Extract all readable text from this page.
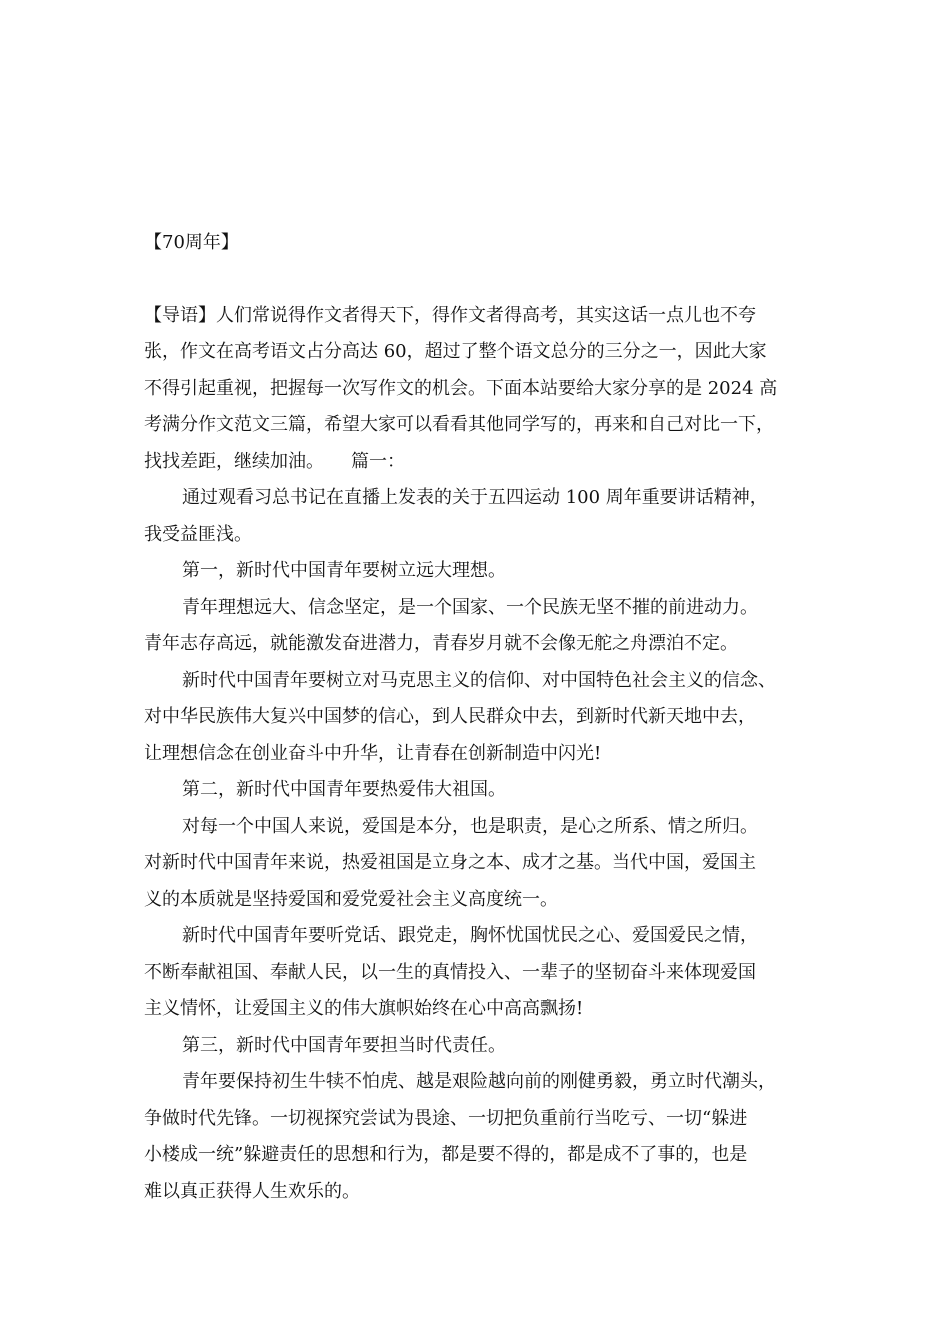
【70周年】

【导语】人们常说得作文者得天下，得作文者得高考，其实这话一点儿也不夸

张，作文在高考语文占分高达 60，超过了整个语文总分的三分之一，因此大家

不得引起重视，把握每一次写作文的机会。下面本站要给大家分享的是 2024 高

考满分作文范文三篇，希望大家可以看看其他同学写的，再来和自己对比一下，

找找差距，继续加油。　　篇一：

通过观看习总书记在直播上发表的关于五四运动 100 周年重要讲话精神，

我受益匪浅。

第一，新时代中国青年要树立远大理想。

青年理想远大、信念坚定，是一个国家、一个民族无坚不摧的前进动力。

青年志存高远，就能激发奋进潜力，青春岁月就不会像无舵之舟漂泊不定。

新时代中国青年要树立对马克思主义的信仰、对中国特色社会主义的信念、

对中华民族伟大复兴中国梦的信心，到人民群众中去，到新时代新天地中去，

让理想信念在创业奋斗中升华，让青春在创新制造中闪光!

第二，新时代中国青年要热爱伟大祖国。

对每一个中国人来说，爱国是本分，也是职责，是心之所系、情之所归。

对新时代中国青年来说，热爱祖国是立身之本、成才之基。当代中国，爱国主

义的本质就是坚持爱国和爱党爱社会主义高度统一。

新时代中国青年要听党话、跟党走，胸怀忧国忧民之心、爱国爱民之情，

不断奉献祖国、奉献人民，以一生的真情投入、一辈子的坚韧奋斗来体现爱国

主义情怀，让爱国主义的伟大旗帜始终在心中高高飘扬!

第三，新时代中国青年要担当时代责任。

青年要保持初生牛犊不怕虎、越是艰险越向前的刚健勇毅，勇立时代潮头，

争做时代先锋。一切视探究尝试为畏途、一切把负重前行当吃亏、一切“躲进

小楼成一统”躲避责任的思想和行为，都是要不得的，都是成不了事的，也是

难以真正获得人生欢乐的。
